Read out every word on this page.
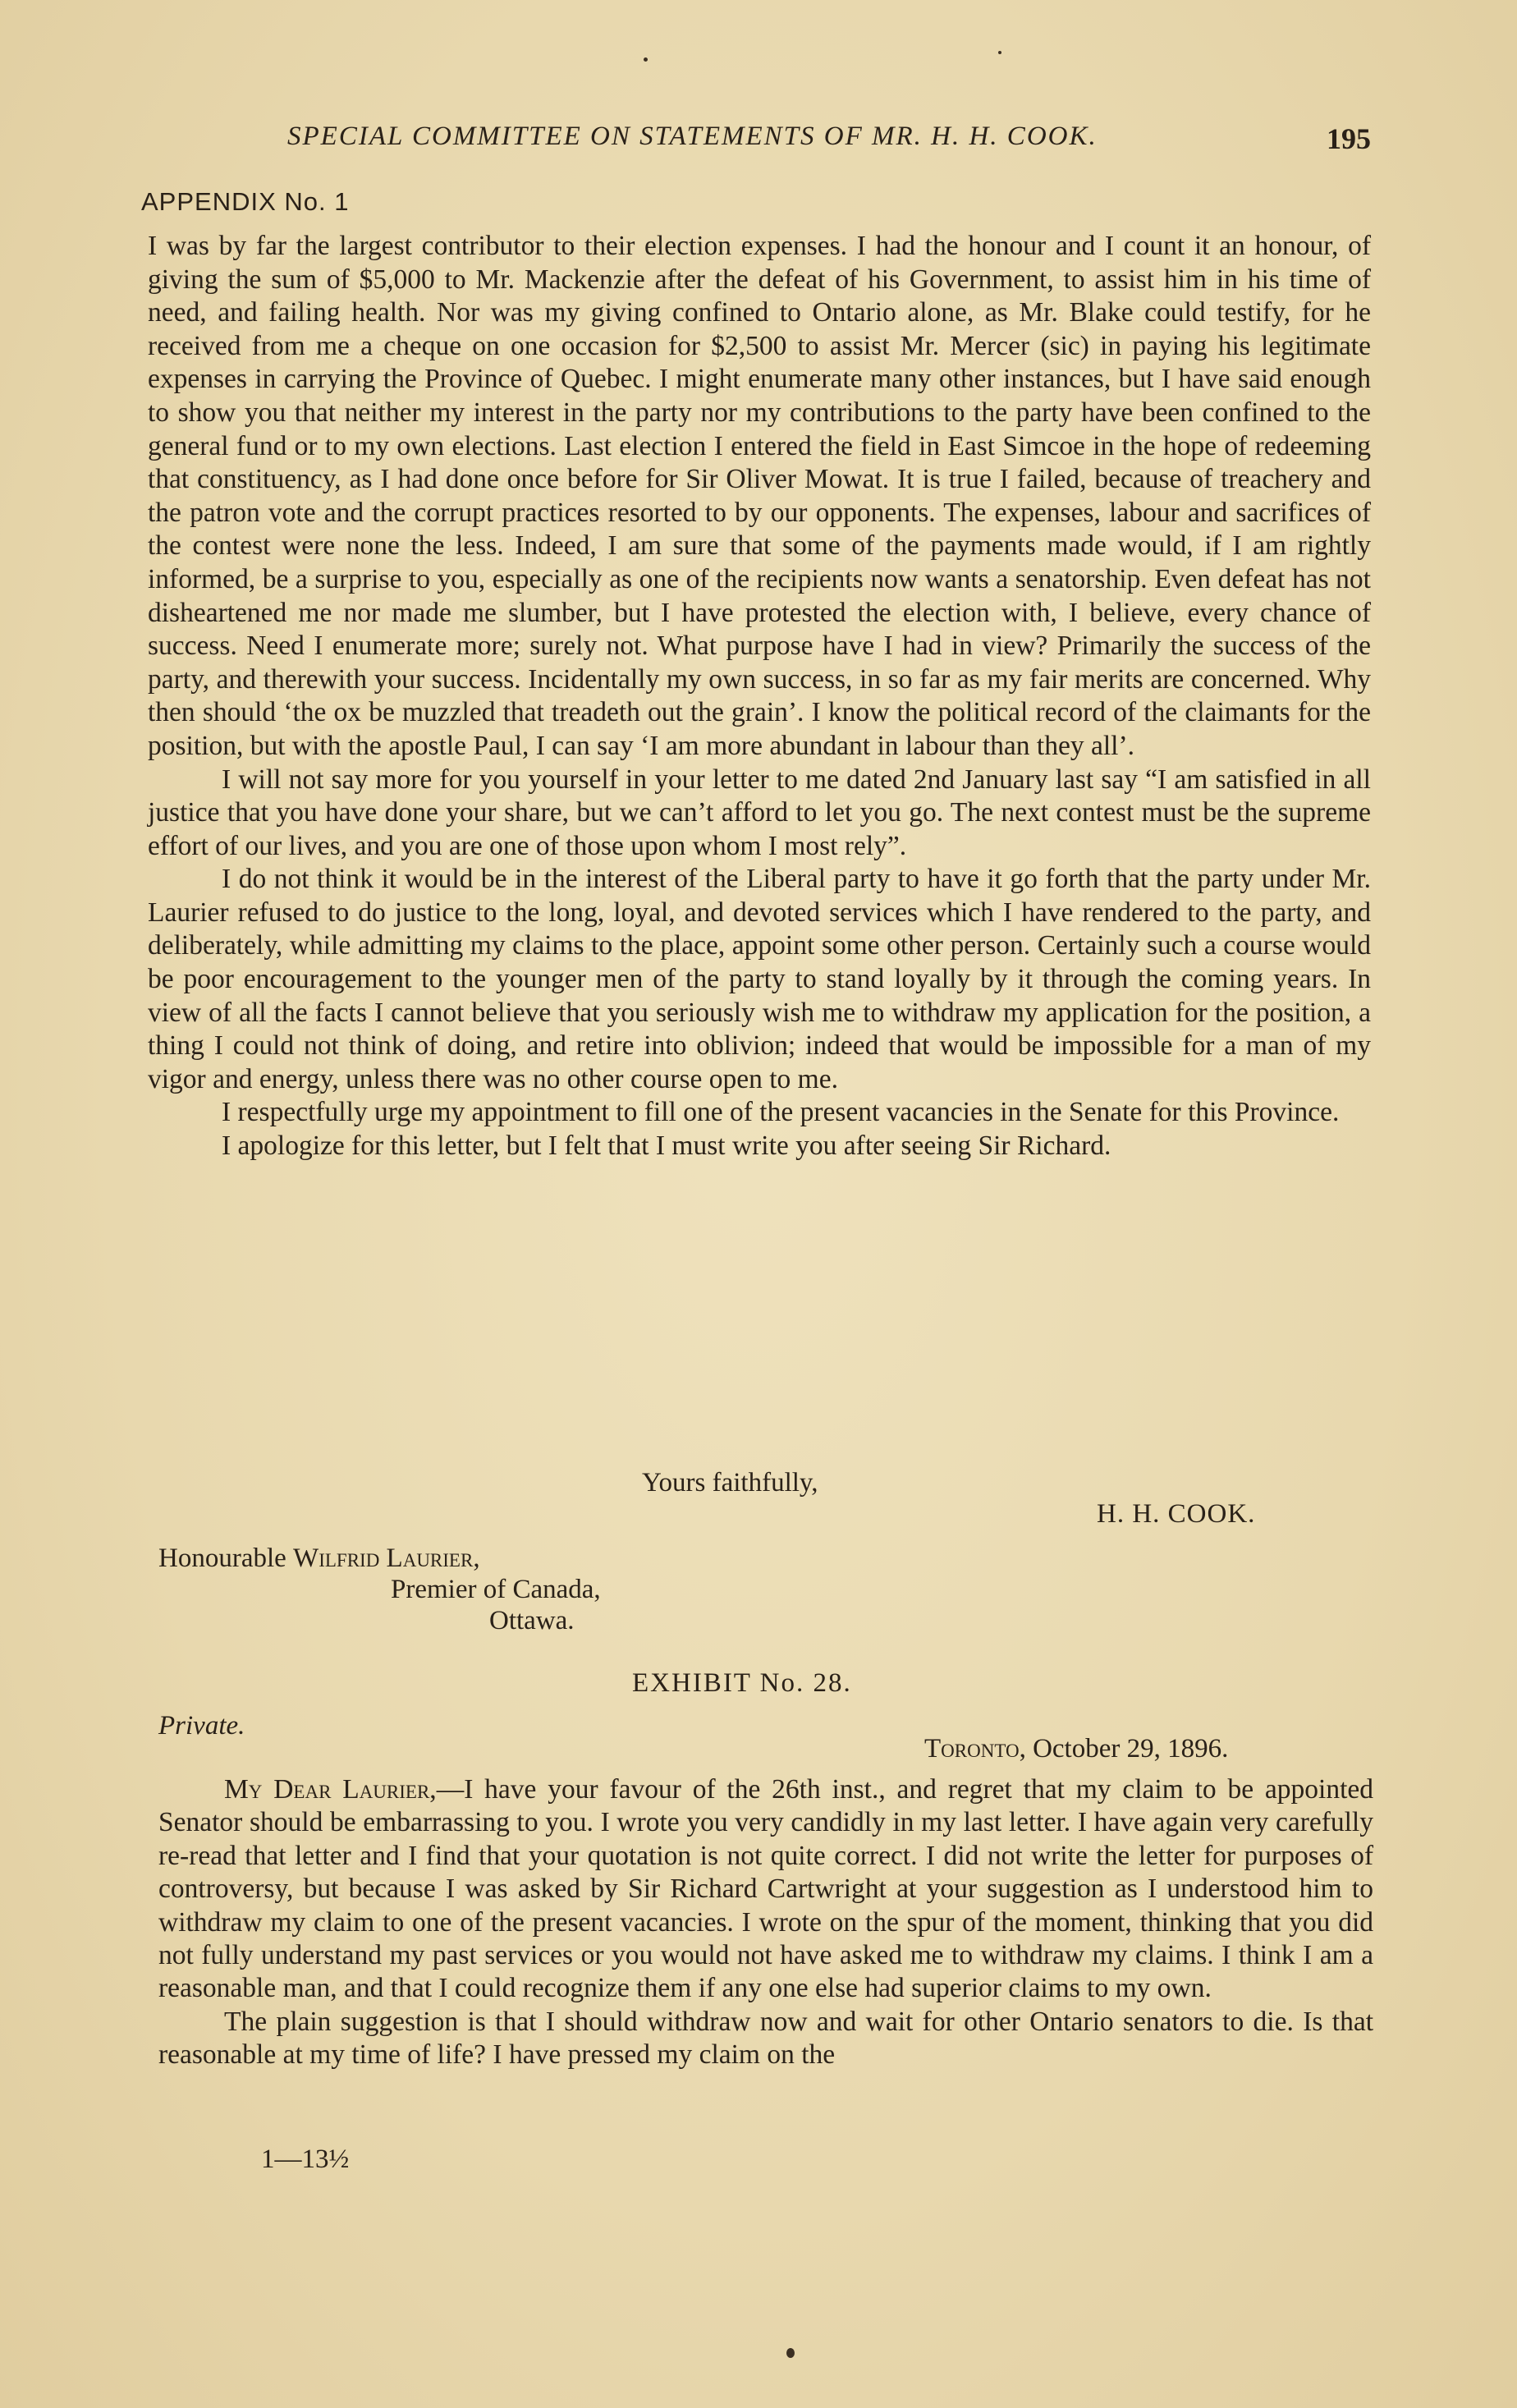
SPECIAL COMMITTEE ON STATEMENTS OF MR. H. H. COOK.	195
APPENDIX No. 1

I was by far the largest contributor to their election expenses. I had the honour and I count it an honour, of giving the sum of $5,000 to Mr. Mackenzie after the defeat of his Government, to assist him in his time of need, and failing health. Nor was my giving confined to Ontario alone, as Mr. Blake could testify, for he received from me a cheque on one occasion for $2,500 to assist Mr. Mercer (sic) in paying his legitimate expenses in carrying the Province of Quebec. I might enumerate many other instances, but I have said enough to show you that neither my interest in the party nor my contributions to the party have been confined to the general fund or to my own elections. Last election I entered the field in East Simcoe in the hope of redeeming that constituency, as I had done once before for Sir Oliver Mowat. It is true I failed, because of treachery and the patron vote and the corrupt practices resorted to by our opponents. The expenses, labour and sacrifices of the contest were none the less. Indeed, I am sure that some of the payments made would, if I am rightly informed, be a surprise to you, especially as one of the recipients now wants a senatorship. Even defeat has not disheartened me nor made me slumber, but I have protested the election with, I believe, every chance of success. Need I enumerate more; surely not. What purpose have I had in view? Primarily the success of the party, and therewith your success. Incidentally my own success, in so far as my fair merits are concerned. Why then should ‘the ox be muzzled that treadeth out the grain’. I know the political record of the claimants for the position, but with the apostle Paul, I can say ‘I am more abundant in labour than they all’.

I will not say more for you yourself in your letter to me dated 2nd January last say “I am satisfied in all justice that you have done your share, but we can’t afford to let you go. The next contest must be the supreme effort of our lives, and you are one of those upon whom I most rely”.

I do not think it would be in the interest of the Liberal party to have it go forth that the party under Mr. Laurier refused to do justice to the long, loyal, and devoted services which I have rendered to the party, and deliberately, while admitting my claims to the place, appoint some other person. Certainly such a course would be poor encouragement to the younger men of the party to stand loyally by it through the coming years. In view of all the facts I cannot believe that you seriously wish me to withdraw my application for the position, a thing I could not think of doing, and retire into oblivion; indeed that would be impossible for a man of my vigor and energy, unless there was no other course open to me.

I respectfully urge my appointment to fill one of the present vacancies in the Senate for this Province.

I apologize for this letter, but I felt that I must write you after seeing Sir Richard.

Yours faithfully,
H. H. COOK.
Honourable Wilfrid Laurier,
Premier of Canada,
Ottawa.
EXHIBIT No. 28.
Private.
Toronto, October 29, 1896.

My Dear Laurier,—I have your favour of the 26th inst., and regret that my claim to be appointed Senator should be embarrassing to you. I wrote you very candidly in my last letter. I have again very carefully re-read that letter and I find that your quotation is not quite correct. I did not write the letter for purposes of controversy, but because I was asked by Sir Richard Cartwright at your suggestion as I understood him to withdraw my claim to one of the present vacancies. I wrote on the spur of the moment, thinking that you did not fully understand my past services or you would not have asked me to withdraw my claims. I think I am a reasonable man, and that I could recognize them if any one else had superior claims to my own.

The plain suggestion is that I should withdraw now and wait for other Ontario senators to die. Is that reasonable at my time of life? I have pressed my claim on the

1—13½
